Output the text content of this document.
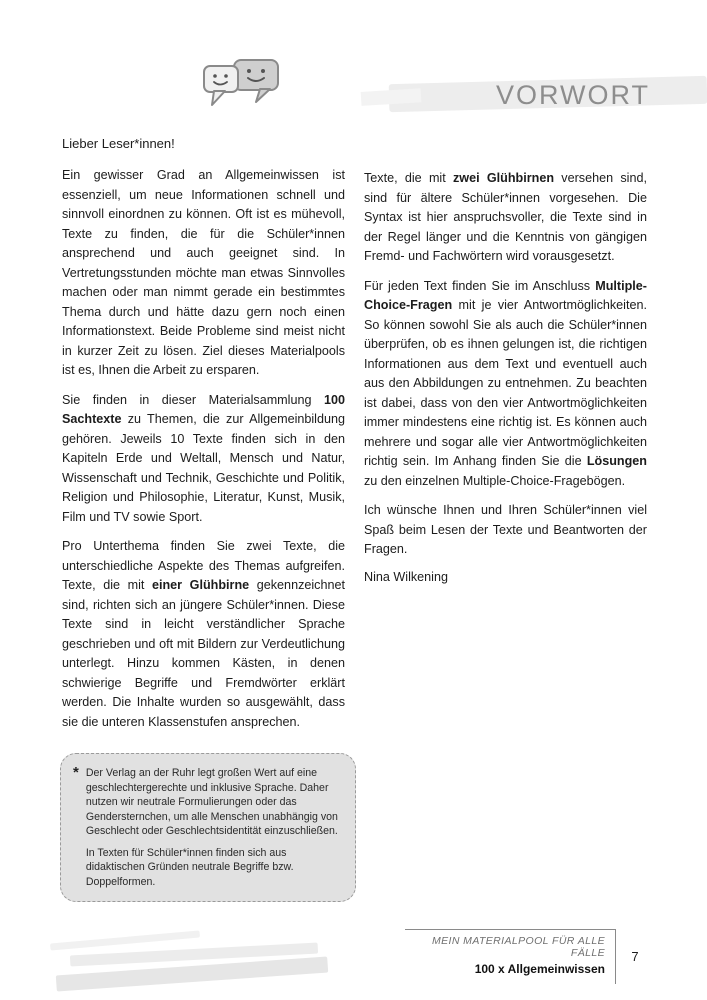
VORWORT

Lieber Leser*innen!

Ein gewisser Grad an Allgemeinwissen ist essenziell, um neue Informationen schnell und sinnvoll einordnen zu können. Oft ist es mühevoll, Texte zu finden, die für die Schüler*innen ansprechend und auch geeignet sind. In Vertretungsstunden möchte man etwas Sinnvolles machen oder man nimmt gerade ein bestimmtes Thema durch und hätte dazu gern noch einen Informationstext. Beide Probleme sind meist nicht in kurzer Zeit zu lösen. Ziel dieses Materialpools ist es, Ihnen die Arbeit zu ersparen.

Sie finden in dieser Materialsammlung 100 Sachtexte zu Themen, die zur Allgemeinbildung gehören. Jeweils 10 Texte finden sich in den Kapiteln Erde und Weltall, Mensch und Natur, Wissenschaft und Technik, Geschichte und Politik, Religion und Philosophie, Literatur, Kunst, Musik, Film und TV sowie Sport.

Pro Unterthema finden Sie zwei Texte, die unterschiedliche Aspekte des Themas aufgreifen. Texte, die mit einer Glühbirne gekennzeichnet sind, richten sich an jüngere Schüler*innen. Diese Texte sind in leicht verständlicher Sprache geschrieben und oft mit Bildern zur Verdeutlichung unterlegt. Hinzu kommen Kästen, in denen schwierige Begriffe und Fremdwörter erklärt werden. Die Inhalte wurden so ausgewählt, dass sie die unteren Klassenstufen ansprechen.

Texte, die mit zwei Glühbirnen versehen sind, sind für ältere Schüler*innen vorgesehen. Die Syntax ist hier anspruchsvoller, die Texte sind in der Regel länger und die Kenntnis von gängigen Fremd- und Fachwörtern wird vorausgesetzt.

Für jeden Text finden Sie im Anschluss Multiple-Choice-Fragen mit je vier Antwortmöglichkeiten. So können sowohl Sie als auch die Schüler*innen überprüfen, ob es ihnen gelungen ist, die richtigen Informationen aus dem Text und eventuell auch aus den Abbildungen zu entnehmen. Zu beachten ist dabei, dass von den vier Antwortmöglichkeiten immer mindestens eine richtig ist. Es können auch mehrere und sogar alle vier Antwortmöglichkeiten richtig sein. Im Anhang finden Sie die Lösungen zu den einzelnen Multiple-Choice-Fragebögen.

Ich wünsche Ihnen und Ihren Schüler*innen viel Spaß beim Lesen der Texte und Beantworten der Fragen.

Nina Wilkening

* Der Verlag an der Ruhr legt großen Wert auf eine geschlechtergerechte und inklusive Sprache. Daher nutzen wir neutrale Formulierungen oder das Gendersternchen, um alle Menschen unabhängig von Geschlecht oder Geschlechtsidentität einzuschließen.

In Texten für Schüler*innen finden sich aus didaktischen Gründen neutrale Begriffe bzw. Doppelformen.

MEIN MATERIALPOOL FÜR ALLE FÄLLE
100 x Allgemeinwissen
7
